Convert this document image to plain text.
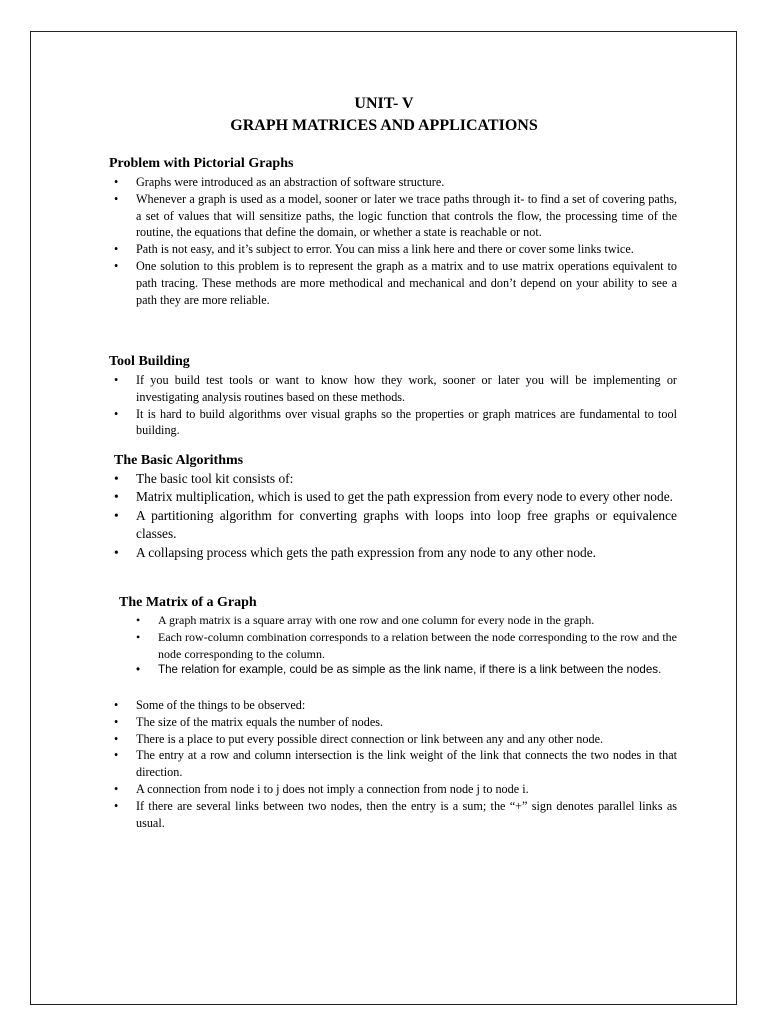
UNIT- V
GRAPH MATRICES AND APPLICATIONS
Problem with Pictorial Graphs
• Graphs were introduced as an abstraction of software structure.
• Whenever a graph is used as a model, sooner or later we trace paths through it- to find a set of covering paths, a set of values that will sensitize paths, the logic function that controls the flow, the processing time of the routine, the equations that define the domain, or whether a state is reachable or not.
• Path is not easy, and it’s subject to error. You can miss a link here and there or cover some links twice.
• One solution to this problem is to represent the graph as a matrix and to use matrix operations equivalent to path tracing. These methods are more methodical and mechanical and don’t depend on your ability to see a path they are more reliable.
Tool Building
• If you build test tools or want to know how they work, sooner or later you will be implementing or investigating analysis routines based on these methods.
• It is hard to build algorithms over visual graphs so the properties or graph matrices are fundamental to tool building.
The Basic Algorithms
• The basic tool kit consists of:
• Matrix multiplication, which is used to get the path expression from every node to every other node.
• A partitioning algorithm for converting graphs with loops into loop free graphs or equivalence classes.
• A collapsing process which gets the path expression from any node to any other node.
The Matrix of a Graph
• A graph matrix is a square array with one row and one column for every node in the graph.
• Each row-column combination corresponds to a relation between the node corresponding to the row and the node corresponding to the column.
• The relation for example, could be as simple as the link name, if there is a link between the nodes.
• Some of the things to be observed:
• The size of the matrix equals the number of nodes.
• There is a place to put every possible direct connection or link between any and any other node.
• The entry at a row and column intersection is the link weight of the link that connects the two nodes in that direction.
• A connection from node i to j does not imply a connection from node j to node i.
• If there are several links between two nodes, then the entry is a sum; the “+” sign denotes parallel links as usual.
